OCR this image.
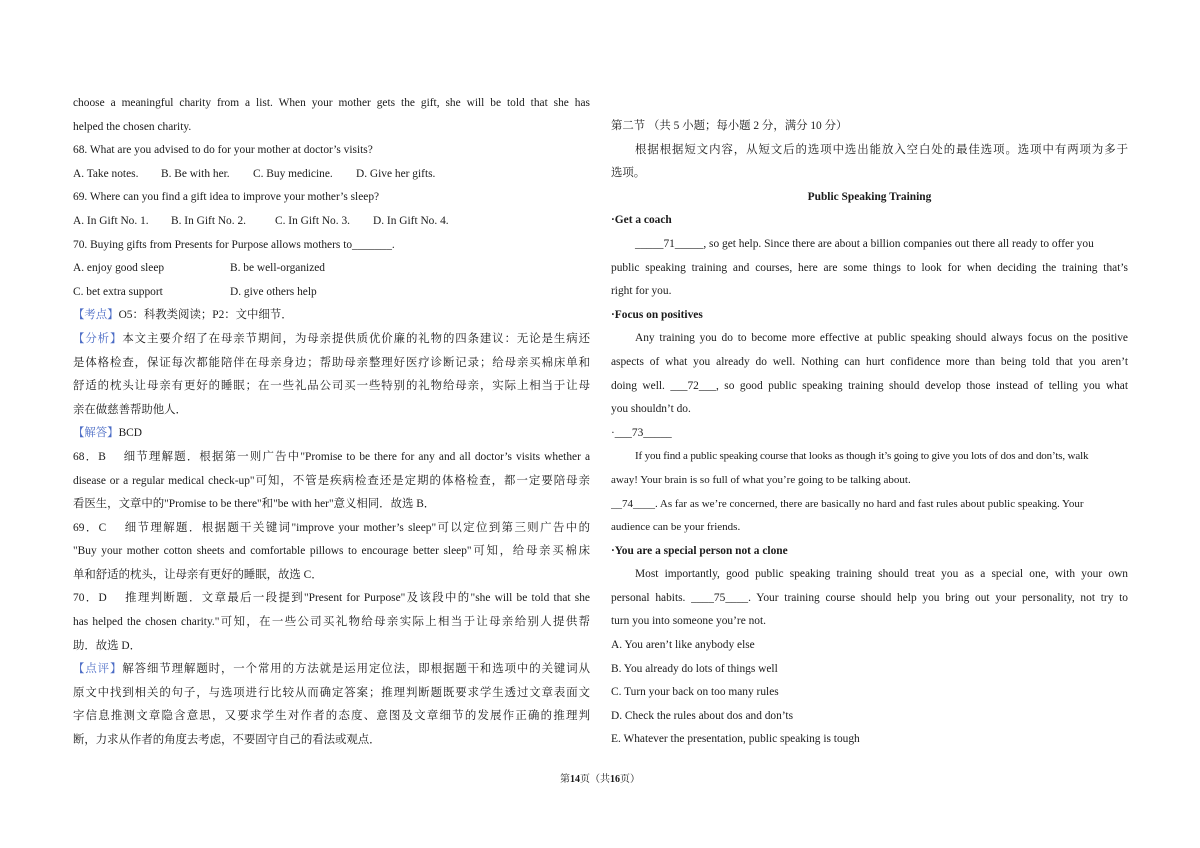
choose a meaningful charity from a list. When your mother gets the gift, she will be told that she has
helped the chosen charity.
68. What are you advised to do for your mother at doctor’s visits?
A. Take notes.	B. Be with her.	C. Buy medicine.	D. Give her gifts.
69. Where can you find a gift idea to improve your mother’s sleep?
A. In Gift No. 1.	B. In Gift No. 2.	C. In Gift No. 3.	D. In Gift No. 4.
70. Buying gifts from Presents for Purpose allows mothers to_______.
A. enjoy good sleep	B. be well-organized
C. bet extra support	D. give others help
【考点】O5：科教类阅读；P2：文中细节．
【分析】本文主要介绍了在母亲节期间，为母亲提供质优价廉的礼物的四条建议：无论是生病还
是体格检查，保证每次都能陪伴在母亲身边；帮助母亲整理好医疗诊断记录；给母亲买棉床单和
舒适的枕头让母亲有更好的睡眠；在一些礼品公司买一些特别的礼物给母亲，实际上相当于让母
亲在做慈善帮助他人．
【解答】BCD
68．B　 细节理解题．根据第一则广告中"Promise to be there for any and all doctor’s visits whether a
disease or a regular medical check-up"可知，不管是疾病检查还是定期的体格检查，都一定要陪母亲
看医生，文章中的"Promise to be there"和"be with her"意义相同．故选 B．
69．C　 细节理解题．根据题干关键词"improve your mother’s sleep"可以定位到第三则广告中的
"Buy your mother cotton sheets and comfortable pillows to encourage better sleep"可知，给母亲买棉床
单和舒适的枕头，让母亲有更好的睡眠，故选 C．
70．D　 推理判断题．文章最后一段提到"Present for Purpose"及该段中的"she will be told that she
has helped the chosen charity."可知，在一些公司买礼物给母亲实际上相当于让母亲给别人提供帮
助．故选 D．
【点评】解答细节理解题时，一个常用的方法就是运用定位法，即根据题干和选项中的关键词从
原文中找到相关的句子，与选项进行比较从而确定答案；推理判断题既要求学生透过文章表面文
字信息推测文章隐含意思，又要求学生对作者的态度、意图及文章细节的发展作正确的推理判
断，力求从作者的角度去考虑，不要固守自己的看法或观点．
第二节 （共 5 小题；每小题 2 分，满分 10 分）
根据根据短文内容，从短文后的选项中选出能放入空白处的最佳选项。选项中有两项为多于
选项。
Public Speaking Training
·Get a coach
_____71_____, so get help. Since there are about a billion companies out there all ready to offer you
public speaking training and courses, here are some things to look for when deciding the training that’s
right for you.
·Focus on positives
Any training you do to become more effective at public speaking should always focus on the positive
aspects of what you already do well. Nothing can hurt confidence more than being told that you aren’t
doing well. ___72___, so good public speaking training should develop those instead of telling you what
you shouldn’t do.
·___73_____
If you find a public speaking course that looks as though it’s going to give you lots of dos and don’ts, walk
away! Your brain is so full of what you’re going to be talking about.
__74____. As far as we’re concerned, there are basically no hard and fast rules about public speaking. Your
audience can be your friends.
·You are a special person not a clone
Most importantly, good public speaking training should treat you as a special one, with your own
personal habits. ____75____. Your training course should help you bring out your personality, not try to
turn you into someone you’re not.
A. You aren’t like anybody else
B. You already do lots of things well
C. Turn your back on too many rules
D. Check the rules about dos and don’ts
E. Whatever the presentation, public speaking is tough
第14页（共16页）
